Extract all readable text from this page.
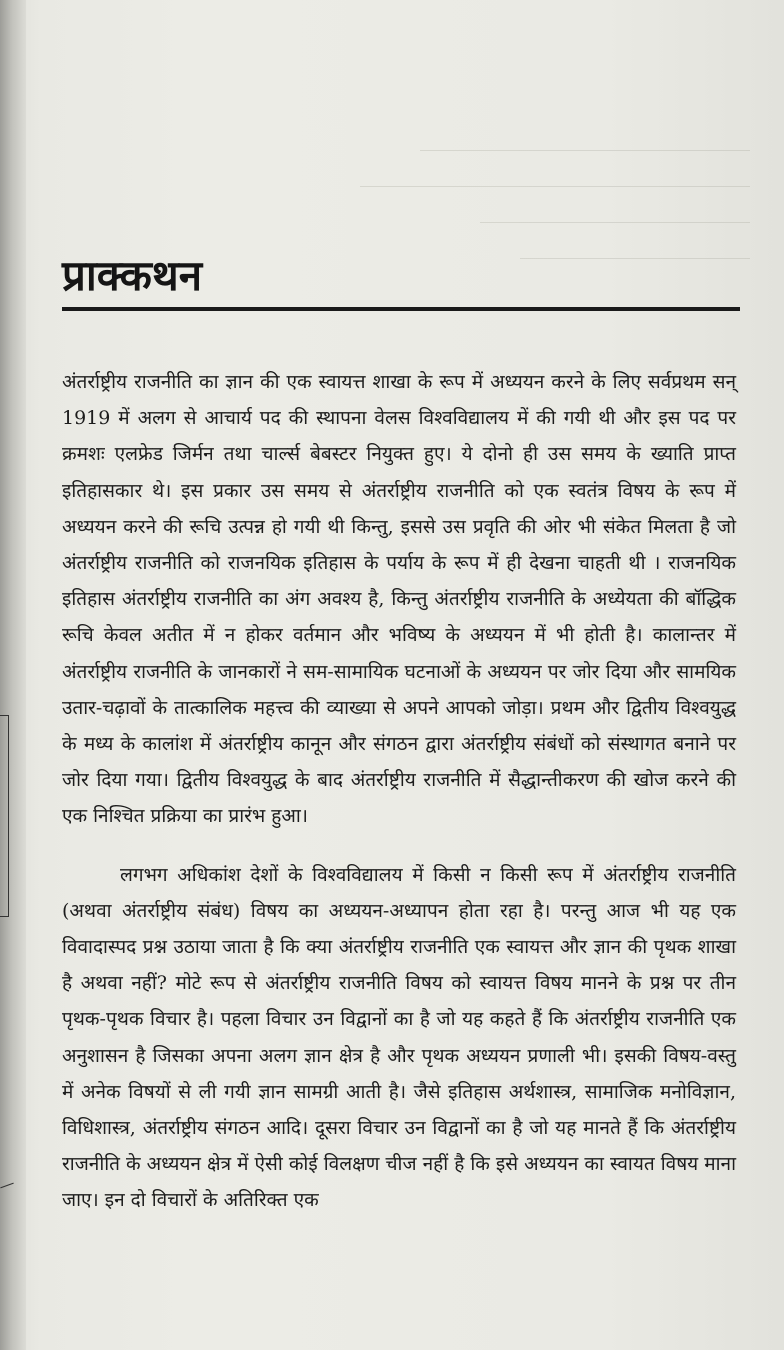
प्राक्कथन

अंतर्राष्ट्रीय राजनीति का ज्ञान की एक स्वायत्त शाखा के रूप में अध्ययन करने के लिए सर्वप्रथम सन् 1919 में अलग से आचार्य पद की स्थापना वेलस विश्वविद्यालय में की गयी थी और इस पद पर क्रमशः एलफ्रेड जिर्मन तथा चार्ल्स बेबस्टर नियुक्त हुए। ये दोनो ही उस समय के ख्याति प्राप्त इतिहासकार थे। इस प्रकार उस समय से अंतर्राष्ट्रीय राजनीति को एक स्वतंत्र विषय के रूप में अध्ययन करने की रूचि उत्पन्न हो गयी थी किन्तु, इससे उस प्रवृति की ओर भी संकेत मिलता है जो अंतर्राष्ट्रीय राजनीति को राजनयिक इतिहास के पर्याय के रूप में ही देखना चाहती थी । राजनयिक इतिहास अंतर्राष्ट्रीय राजनीति का अंग अवश्य है, किन्तु अंतर्राष्ट्रीय राजनीति के अध्येयता की बॉद्धिक रूचि केवल अतीत में न होकर वर्तमान और भविष्य के अध्ययन में भी होती है। कालान्तर में अंतर्राष्ट्रीय राजनीति के जानकारों ने सम-सामायिक घटनाओं के अध्ययन पर जोर दिया और सामयिक उतार-चढ़ावों के तात्कालिक महत्त्व की व्याख्या से अपने आपको जोड़ा। प्रथम और द्वितीय विश्वयुद्ध के मध्य के कालांश में अंतर्राष्ट्रीय कानून और संगठन द्वारा अंतर्राष्ट्रीय संबंधों को संस्थागत बनाने पर जोर दिया गया। द्वितीय विश्वयुद्ध के बाद अंतर्राष्ट्रीय राजनीति में सैद्धान्तीकरण की खोज करने की एक निश्चित प्रक्रिया का प्रारंभ हुआ।

लगभग अधिकांश देशों के विश्वविद्यालय में किसी न किसी रूप में अंतर्राष्ट्रीय राजनीति (अथवा अंतर्राष्ट्रीय संबंध) विषय का अध्ययन-अध्यापन होता रहा है। परन्तु आज भी यह एक विवादास्पद प्रश्न उठाया जाता है कि क्या अंतर्राष्ट्रीय राजनीति एक स्वायत्त और ज्ञान की पृथक शाखा है अथवा नहीं? मोटे रूप से अंतर्राष्ट्रीय राजनीति विषय को स्वायत्त विषय मानने के प्रश्न पर तीन पृथक-पृथक विचार है। पहला विचार उन विद्वानों का है जो यह कहते हैं कि अंतर्राष्ट्रीय राजनीति एक अनुशासन है जिसका अपना अलग ज्ञान क्षेत्र है और पृथक अध्ययन प्रणाली भी। इसकी विषय-वस्तु में अनेक विषयों से ली गयी ज्ञान सामग्री आती है। जैसे इतिहास अर्थशास्त्र, सामाजिक मनोविज्ञान, विधिशास्त्र, अंतर्राष्ट्रीय संगठन आदि। दूसरा विचार उन विद्वानों का है जो यह मानते हैं कि अंतर्राष्ट्रीय राजनीति के अध्ययन क्षेत्र में ऐसी कोई विलक्षण चीज नहीं है कि इसे अध्ययन का स्वायत विषय माना जाए। इन दो विचारों के अतिरिक्त एक
